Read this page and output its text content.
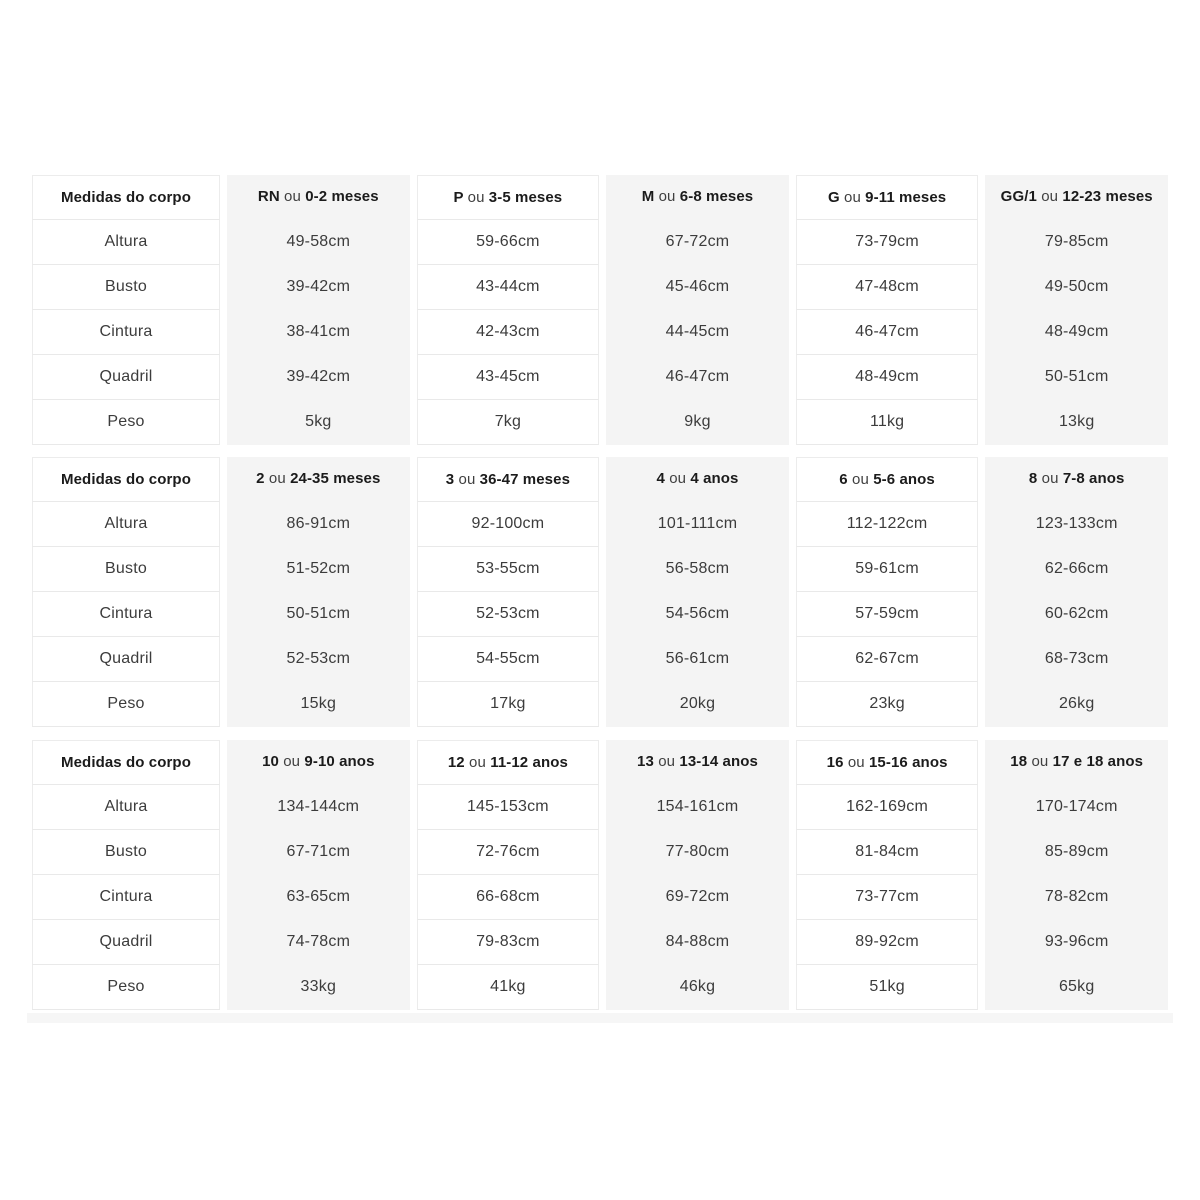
Medidas do corpo	RN ou 0-2 meses	P ou 3-5 meses	M ou 6-8 meses	G ou 9-11 meses	GG/1 ou 12-23 meses
Altura	49-58cm	59-66cm	67-72cm	73-79cm	79-85cm
Busto	39-42cm	43-44cm	45-46cm	47-48cm	49-50cm
Cintura	38-41cm	42-43cm	44-45cm	46-47cm	48-49cm
Quadril	39-42cm	43-45cm	46-47cm	48-49cm	50-51cm
Peso	5kg	7kg	9kg	11kg	13kg
Medidas do corpo	2 ou 24-35 meses	3 ou 36-47 meses	4 ou 4 anos	6 ou 5-6 anos	8 ou 7-8 anos
Altura	86-91cm	92-100cm	101-111cm	112-122cm	123-133cm
Busto	51-52cm	53-55cm	56-58cm	59-61cm	62-66cm
Cintura	50-51cm	52-53cm	54-56cm	57-59cm	60-62cm
Quadril	52-53cm	54-55cm	56-61cm	62-67cm	68-73cm
Peso	15kg	17kg	20kg	23kg	26kg
Medidas do corpo	10 ou 9-10 anos	12 ou 11-12 anos	13 ou 13-14 anos	16 ou 15-16 anos	18 ou 17 e 18 anos
Altura	134-144cm	145-153cm	154-161cm	162-169cm	170-174cm
Busto	67-71cm	72-76cm	77-80cm	81-84cm	85-89cm
Cintura	63-65cm	66-68cm	69-72cm	73-77cm	78-82cm
Quadril	74-78cm	79-83cm	84-88cm	89-92cm	93-96cm
Peso	33kg	41kg	46kg	51kg	65kg
